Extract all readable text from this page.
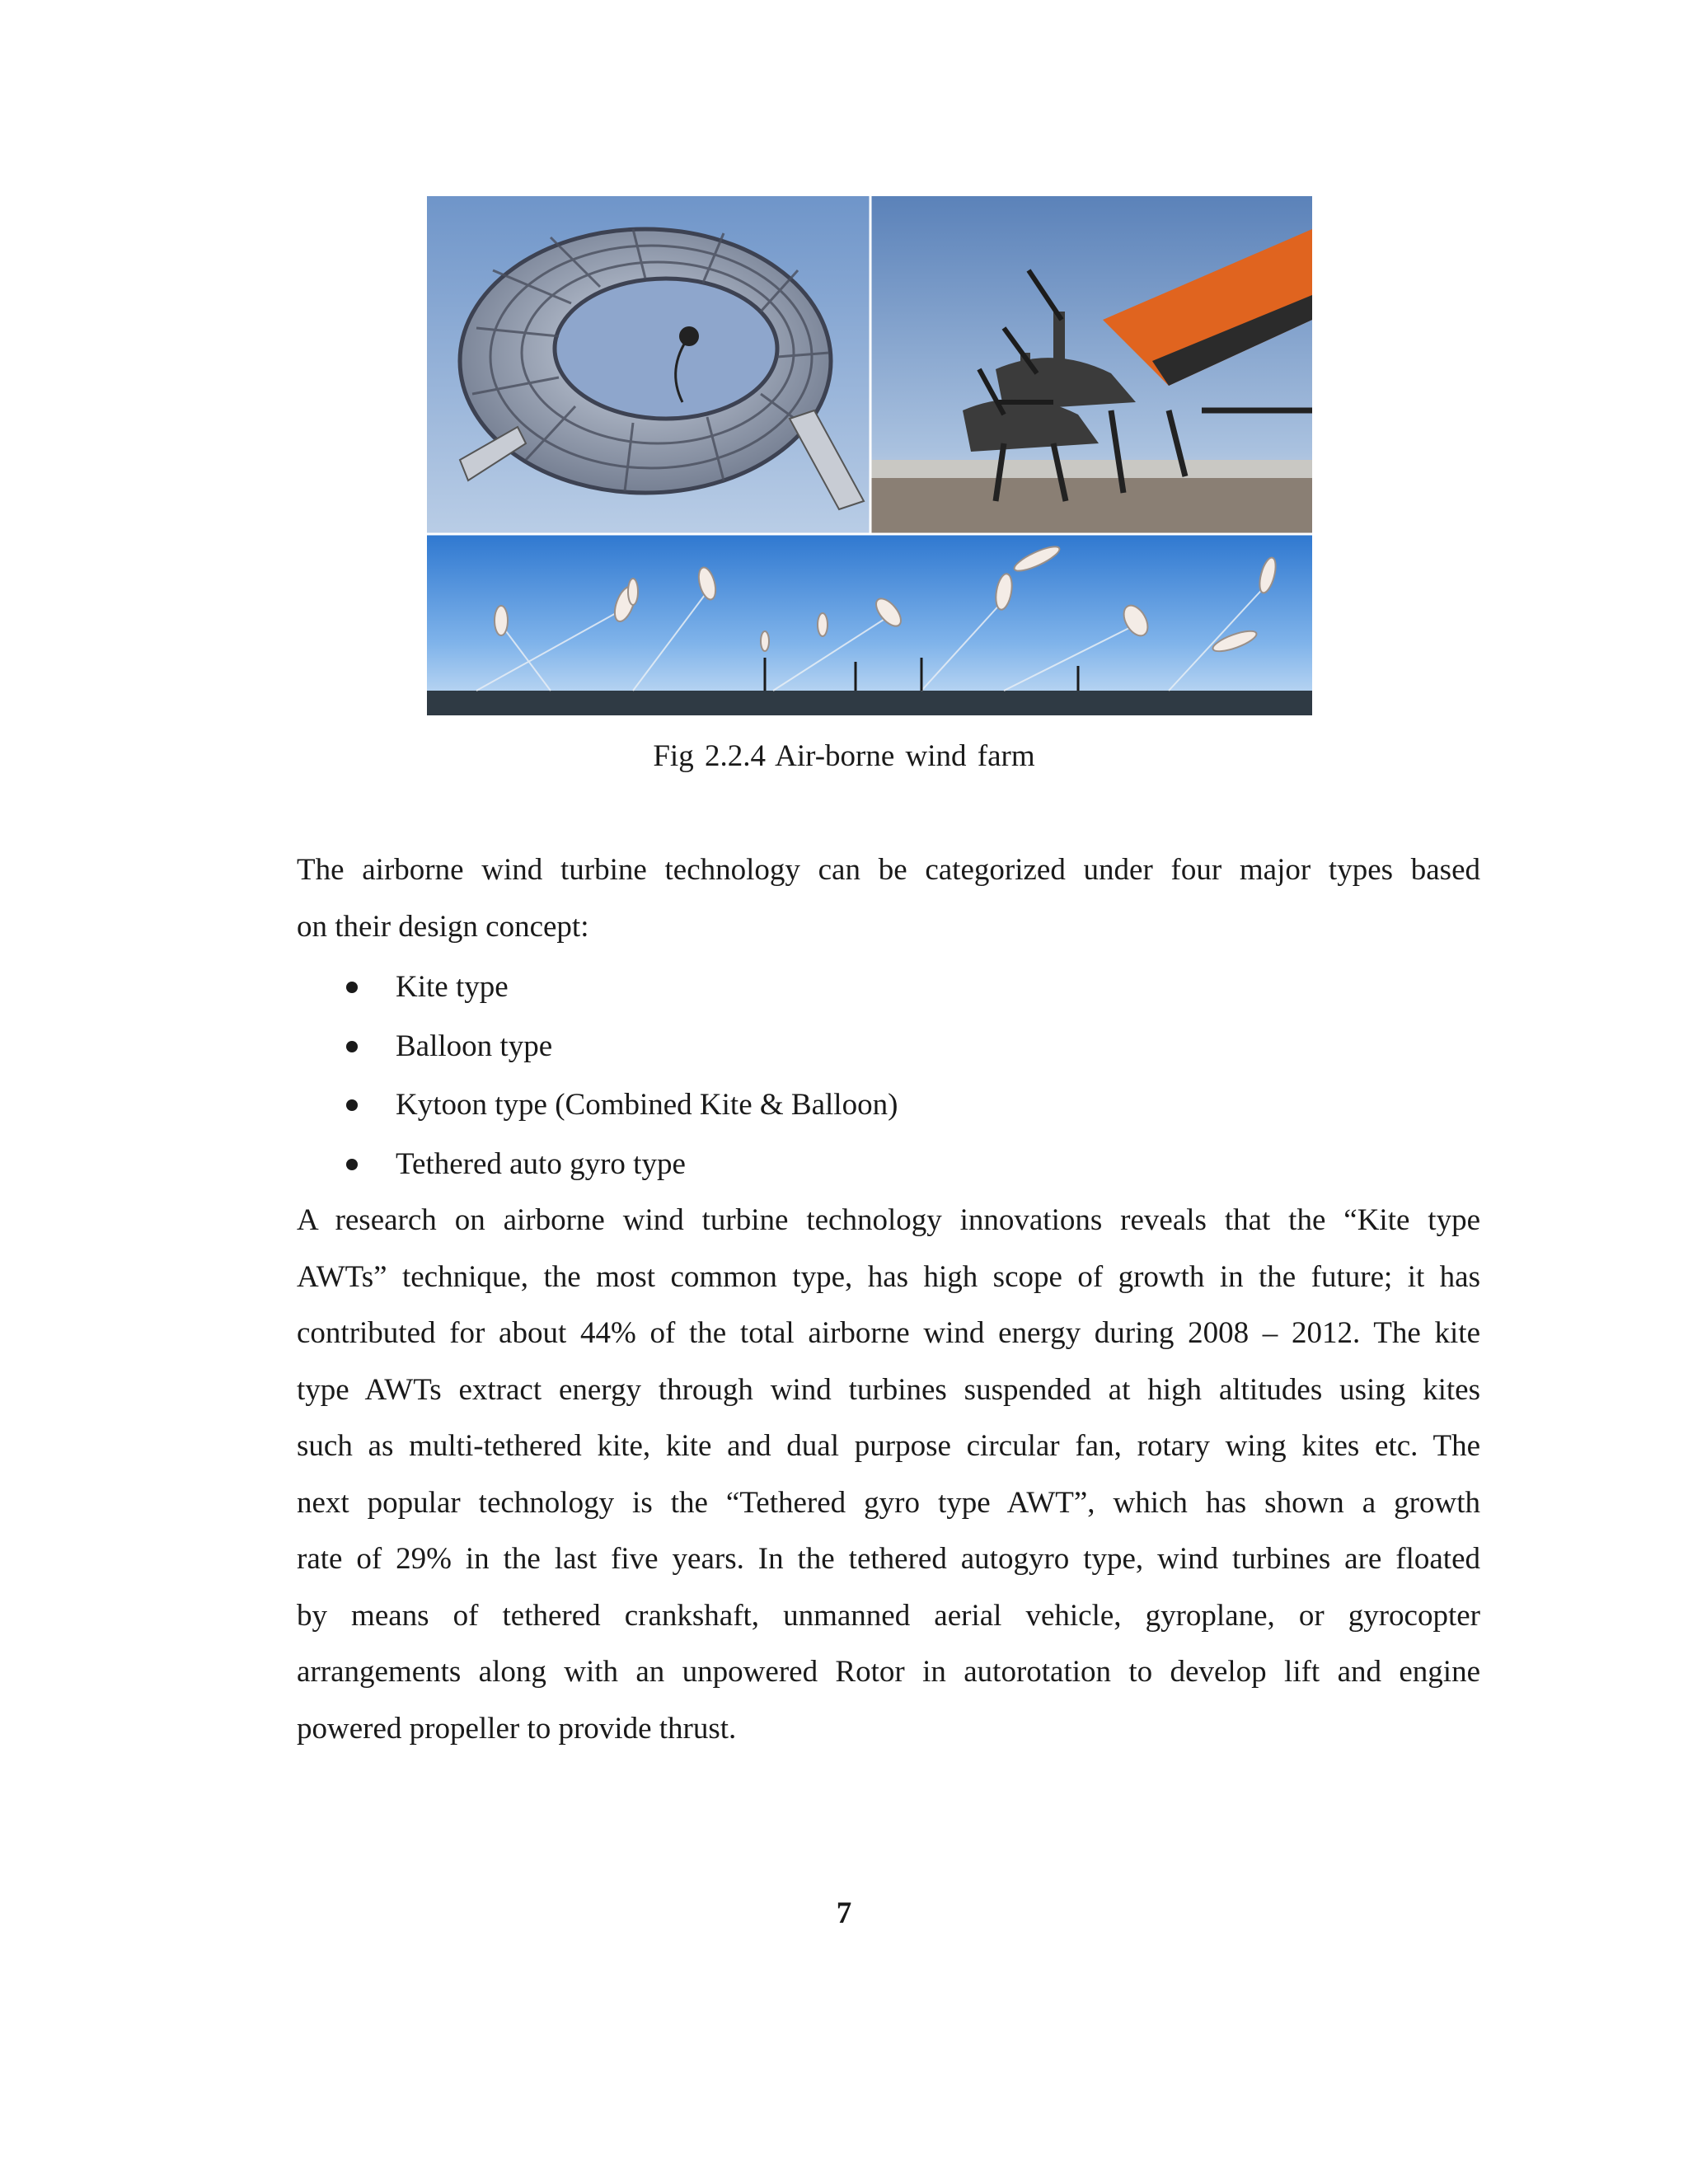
Fig 2.2.4 Air-borne wind farm
The airborne wind turbine technology can be categorized under four major types based
on their design concept:
Kite type
Balloon type
Kytoon type (Combined Kite & Balloon)
Tethered auto gyro type
A research on airborne wind turbine technology innovations reveals that the “Kite type
AWTs” technique, the most common type, has high scope of growth in the future; it has
contributed for about 44% of the total airborne wind energy during 2008 – 2012. The kite
type AWTs extract energy through wind turbines suspended at high altitudes using kites
such as multi-tethered kite, kite and dual purpose circular fan, rotary wing kites etc. The
next popular technology is the “Tethered gyro type AWT”, which has shown a growth
rate of 29% in the last five years. In the tethered autogyro type, wind turbines are floated
by means of tethered crankshaft, unmanned aerial vehicle, gyroplane, or gyrocopter
arrangements along with an unpowered Rotor in autorotation to develop lift and engine
powered propeller to provide thrust.
7
